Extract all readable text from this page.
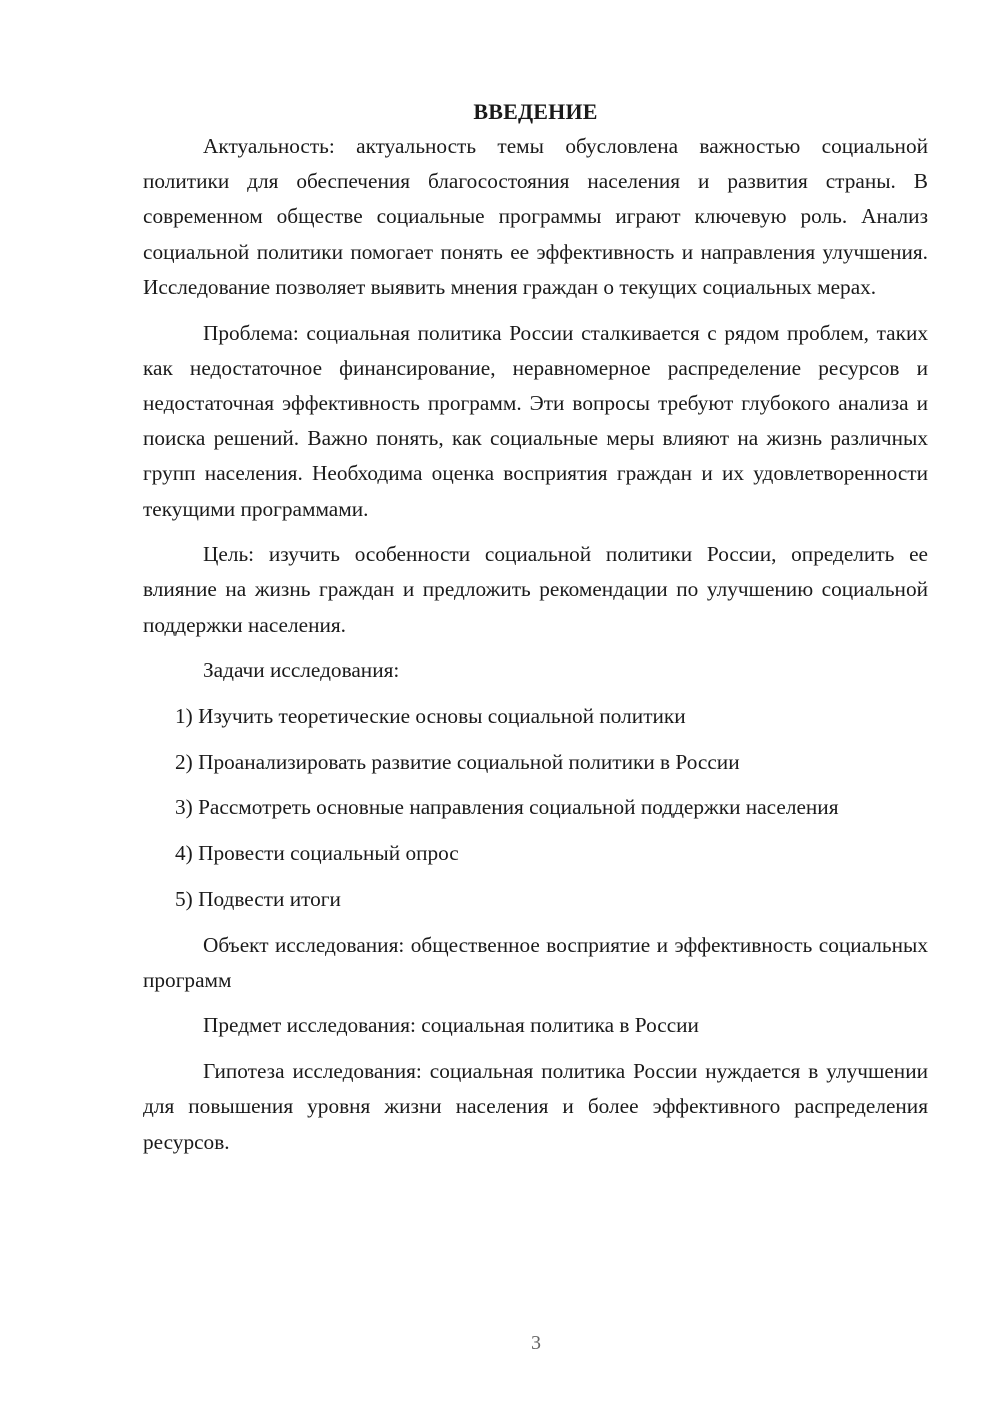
ВВЕДЕНИЕ

Актуальность: актуальность темы обусловлена важностью социальной политики для обеспечения благосостояния населения и развития страны. В современном обществе социальные программы играют ключевую роль. Анализ социальной политики помогает понять ее эффективность и направления улучшения. Исследование позволяет выявить мнения граждан о текущих социальных мерах.

Проблема: социальная политика России сталкивается с рядом проблем, таких как недостаточное финансирование, неравномерное распределение ресурсов и недостаточная эффективность программ. Эти вопросы требуют глубокого анализа и поиска решений. Важно понять, как социальные меры влияют на жизнь различных групп населения. Необходима оценка восприятия граждан и их удовлетворенности текущими программами.

Цель: изучить особенности социальной политики России, определить ее влияние на жизнь граждан и предложить рекомендации по улучшению социальной поддержки населения.

Задачи исследования:

1) Изучить теоретические основы социальной политики

2) Проанализировать развитие социальной политики в России

3) Рассмотреть основные направления социальной поддержки населения

4) Провести социальный опрос

5) Подвести итоги

Объект исследования: общественное восприятие и эффективность социальных программ

Предмет исследования: социальная политика в России

Гипотеза исследования: социальная политика России нуждается в улучшении для повышения уровня жизни населения и более эффективного распределения ресурсов.

3
